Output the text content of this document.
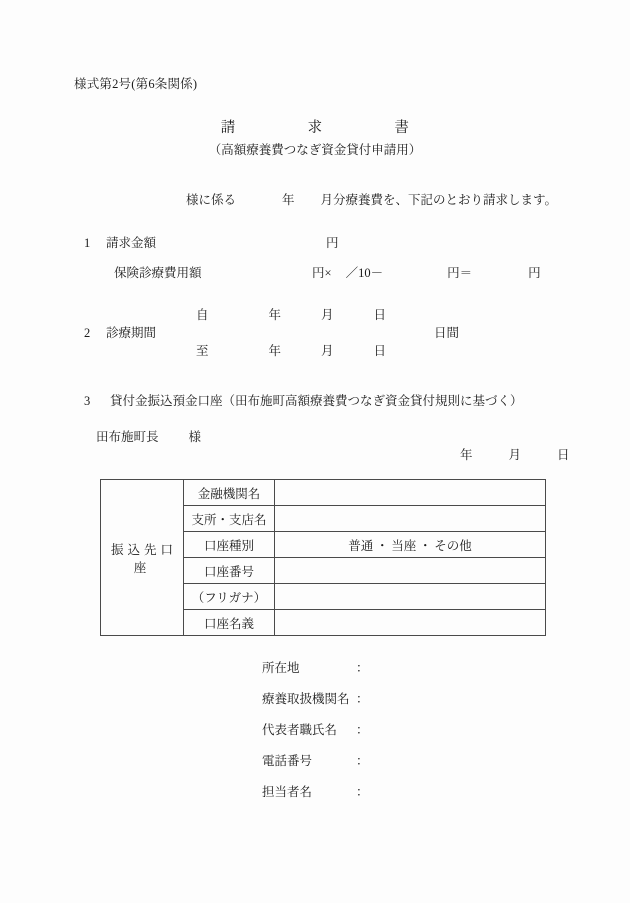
様式第2号(第6条関係)
請	求	書
（高額療養費つなぎ資金貸付申請用）
様に係る	年 月分療養費を、下記のとおり請求します。
1 請求金額	円
保険診療費用額	円× ／10－	円＝	円
自	年	月	日
2 診療期間	日間
至	年	月	日
3 貸付金振込預金口座（田布施町高額療養費つなぎ資金貸付規則に基づく）
田布施町長 様
年	月	日
振込先口座	金融機関名	
	支所・支店名	
	口座種別	普通 ・ 当座 ・ その他
	口座番号	
	（フリガナ）	
	口座名義	
所在地	：
療養取扱機関名 ：
代表者職氏名	：
電話番号	：
担当者名	：
